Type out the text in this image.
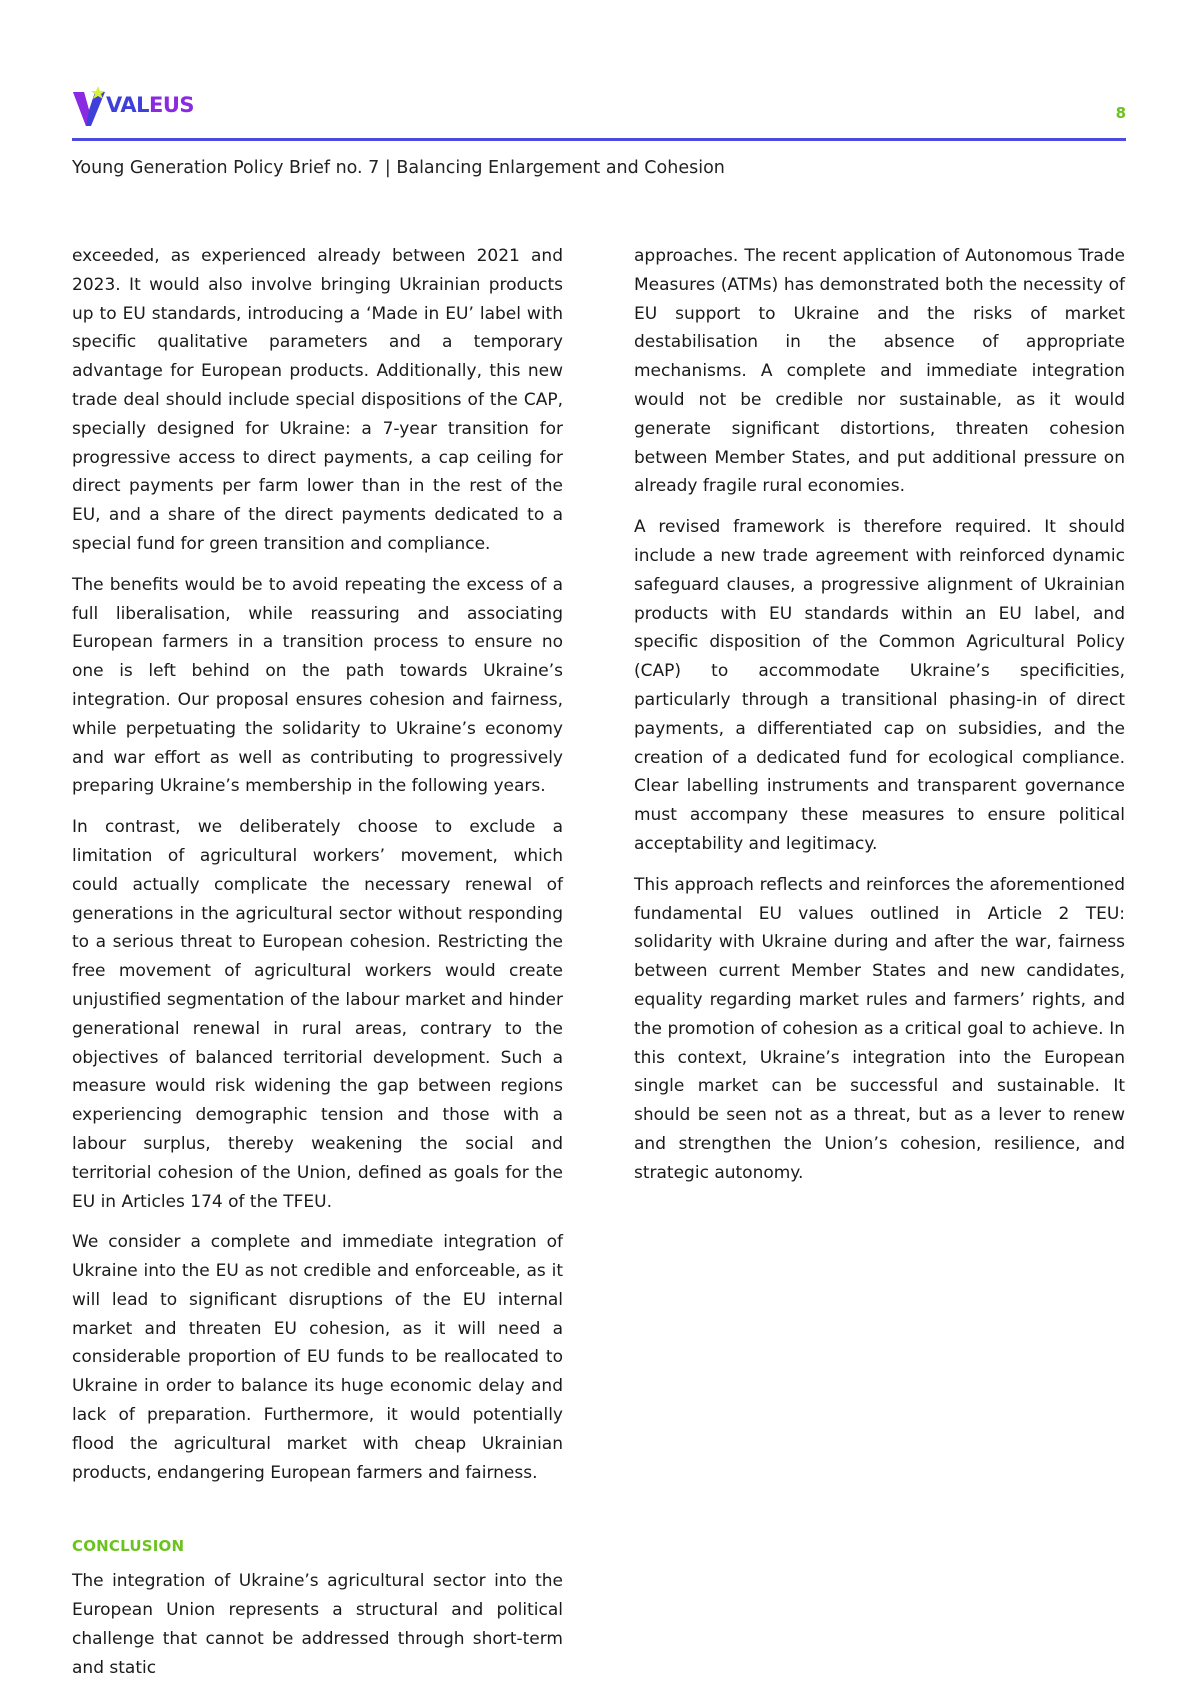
VALEUS	8
Young Generation Policy Brief no. 7 | Balancing Enlargement and Cohesion

exceeded, as experienced already between 2021 and 2023. It would also involve bringing Ukrainian products up to EU standards, introducing a ‘Made in EU’ label with specific qualitative parameters and a temporary advantage for European products. Additionally, this new trade deal should include special dispositions of the CAP, specially designed for Ukraine: a 7-year transition for progressive access to direct payments, a cap ceiling for direct payments per farm lower than in the rest of the EU, and a share of the direct payments dedicated to a special fund for green transition and compliance.

The benefits would be to avoid repeating the excess of a full liberalisation, while reassuring and associating European farmers in a transition process to ensure no one is left behind on the path towards Ukraine’s integration. Our proposal ensures cohesion and fairness, while perpetuating the solidarity to Ukraine’s economy and war effort as well as contributing to progressively preparing Ukraine’s membership in the following years.

In contrast, we deliberately choose to exclude a limitation of agricultural workers’ movement, which could actually complicate the necessary renewal of generations in the agricultural sector without responding to a serious threat to European cohesion. Restricting the free movement of agricultural workers would create unjustified segmentation of the labour market and hinder generational renewal in rural areas, contrary to the objectives of balanced territorial development. Such a measure would risk widening the gap between regions experiencing demographic tension and those with a labour surplus, thereby weakening the social and territorial cohesion of the Union, defined as goals for the EU in Articles 174 of the TFEU.

We consider a complete and immediate integration of Ukraine into the EU as not credible and enforceable, as it will lead to significant disruptions of the EU internal market and threaten EU cohesion, as it will need a considerable proportion of EU funds to be reallocated to Ukraine in order to balance its huge economic delay and lack of preparation. Furthermore, it would potentially flood the agricultural market with cheap Ukrainian products, endangering European farmers and fairness.

CONCLUSION

The integration of Ukraine’s agricultural sector into the European Union represents a structural and political challenge that cannot be addressed through short-term and static

approaches. The recent application of Autonomous Trade Measures (ATMs) has demonstrated both the necessity of EU support to Ukraine and the risks of market destabilisation in the absence of appropriate mechanisms. A complete and immediate integration would not be credible nor sustainable, as it would generate significant distortions, threaten cohesion between Member States, and put additional pressure on already fragile rural economies.

A revised framework is therefore required. It should include a new trade agreement with reinforced dynamic safeguard clauses, a progressive alignment of Ukrainian products with EU standards within an EU label, and specific disposition of the Common Agricultural Policy (CAP) to accommodate Ukraine’s specificities, particularly through a transitional phasing-in of direct payments, a differentiated cap on subsidies, and the creation of a dedicated fund for ecological compliance. Clear labelling instruments and transparent governance must accompany these measures to ensure political acceptability and legitimacy.

This approach reflects and reinforces the aforementioned fundamental EU values outlined in Article 2 TEU: solidarity with Ukraine during and after the war, fairness between current Member States and new candidates, equality regarding market rules and farmers’ rights, and the promotion of cohesion as a critical goal to achieve. In this context, Ukraine’s integration into the European single market can be successful and sustainable. It should be seen not as a threat, but as a lever to renew and strengthen the Union’s cohesion, resilience, and strategic autonomy.
